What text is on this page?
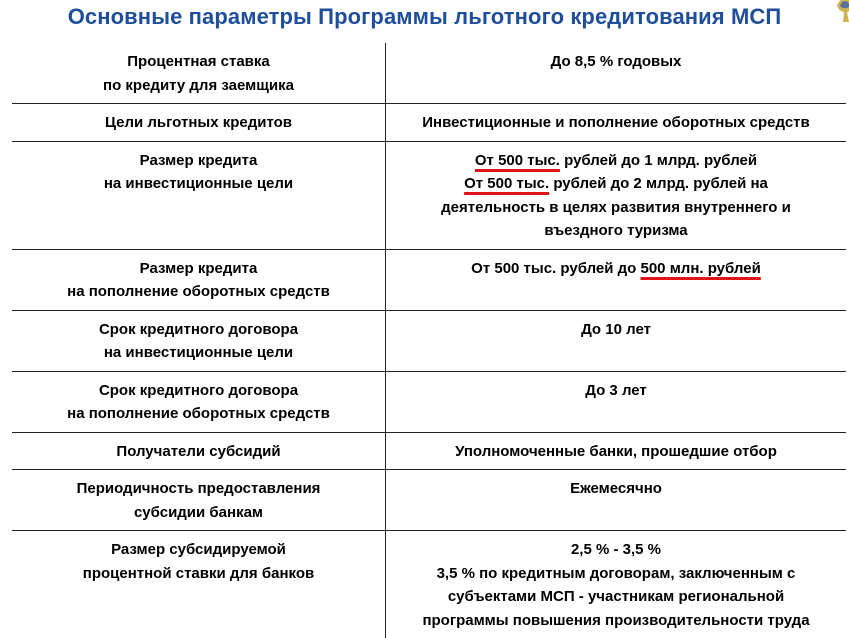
Основные параметры Программы льготного кредитования МСП
Процентная ставка
по кредиту для заемщика
До 8,5 % годовых
Цели льготных кредитов	Инвестиционные и пополнение оборотных средств
Размер кредита
на инвестиционные цели
От 500 тыс. рублей до 1 млрд. рублей
От 500 тыс. рублей до 2 млрд. рублей на
деятельность в целях развития внутреннего и
въездного туризма
Размер кредита
на пополнение оборотных средств
От 500 тыс. рублей до 500 млн. рублей
Срок кредитного договора
на инвестиционные цели
До 10 лет
Срок кредитного договора
на пополнение оборотных средств
До 3 лет
Получатели субсидий	Уполномоченные банки, прошедшие отбор
Периодичность предоставления
субсидии банкам
Ежемесячно
Размер субсидируемой
процентной ставки для банков
2,5 % - 3,5 %
3,5 % по кредитным договорам, заключенным с
субъектами МСП - участникам региональной
программы повышения производительности труда
